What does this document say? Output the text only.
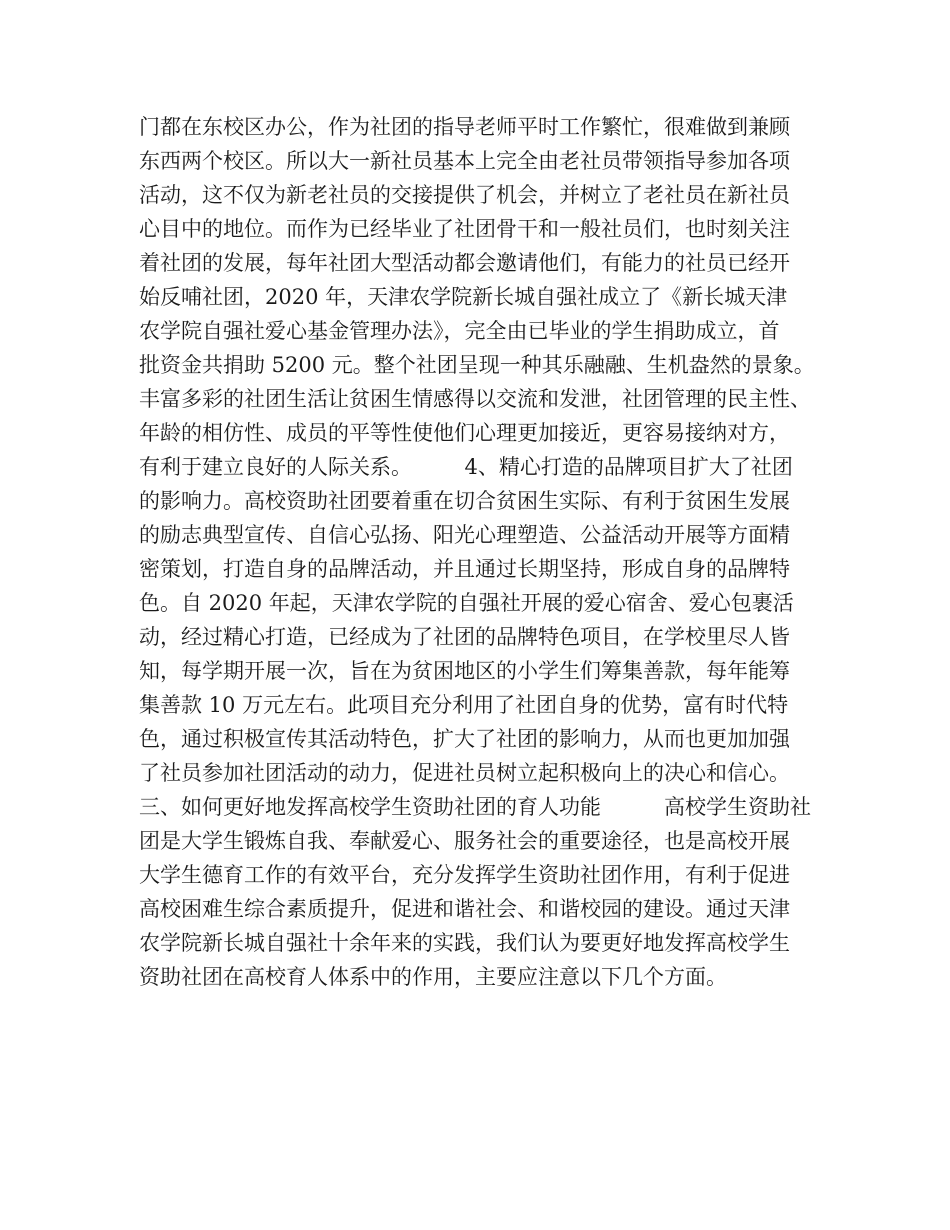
门都在东校区办公，作为社团的指导老师平时工作繁忙，很难做到兼顾
东西两个校区。所以大一新社员基本上完全由老社员带领指导参加各项
活动，这不仅为新老社员的交接提供了机会，并树立了老社员在新社员
心目中的地位。而作为已经毕业了社团骨干和一般社员们，也时刻关注
着社团的发展，每年社团大型活动都会邀请他们，有能力的社员已经开
始反哺社团，2020 年，天津农学院新长城自强社成立了《新长城天津
农学院自强社爱心基金管理办法》，完全由已毕业的学生捐助成立，首
批资金共捐助 5200 元。整个社团呈现一种其乐融融、生机盎然的景象。
丰富多彩的社团生活让贫困生情感得以交流和发泄，社团管理的民主性、
年龄的相仿性、成员的平等性使他们心理更加接近，更容易接纳对方，
有利于建立良好的人际关系。　　　4、精心打造的品牌项目扩大了社团
的影响力。高校资助社团要着重在切合贫困生实际、有利于贫困生发展
的励志典型宣传、自信心弘扬、阳光心理塑造、公益活动开展等方面精
密策划，打造自身的品牌活动，并且通过长期坚持，形成自身的品牌特
色。自 2020 年起，天津农学院的自强社开展的爱心宿舍、爱心包裹活
动，经过精心打造，已经成为了社团的品牌特色项目，在学校里尽人皆
知，每学期开展一次，旨在为贫困地区的小学生们筹集善款，每年能筹
集善款 10 万元左右。此项目充分利用了社团自身的优势，富有时代特
色，通过积极宣传其活动特色，扩大了社团的影响力，从而也更加加强
了社员参加社团活动的动力，促进社员树立起积极向上的决心和信心。
三、如何更好地发挥高校学生资助社团的育人功能　　　高校学生资助社
团是大学生锻炼自我、奉献爱心、服务社会的重要途径，也是高校开展
大学生德育工作的有效平台，充分发挥学生资助社团作用，有利于促进
高校困难生综合素质提升，促进和谐社会、和谐校园的建设。通过天津
农学院新长城自强社十余年来的实践，我们认为要更好地发挥高校学生
资助社团在高校育人体系中的作用，主要应注意以下几个方面。
